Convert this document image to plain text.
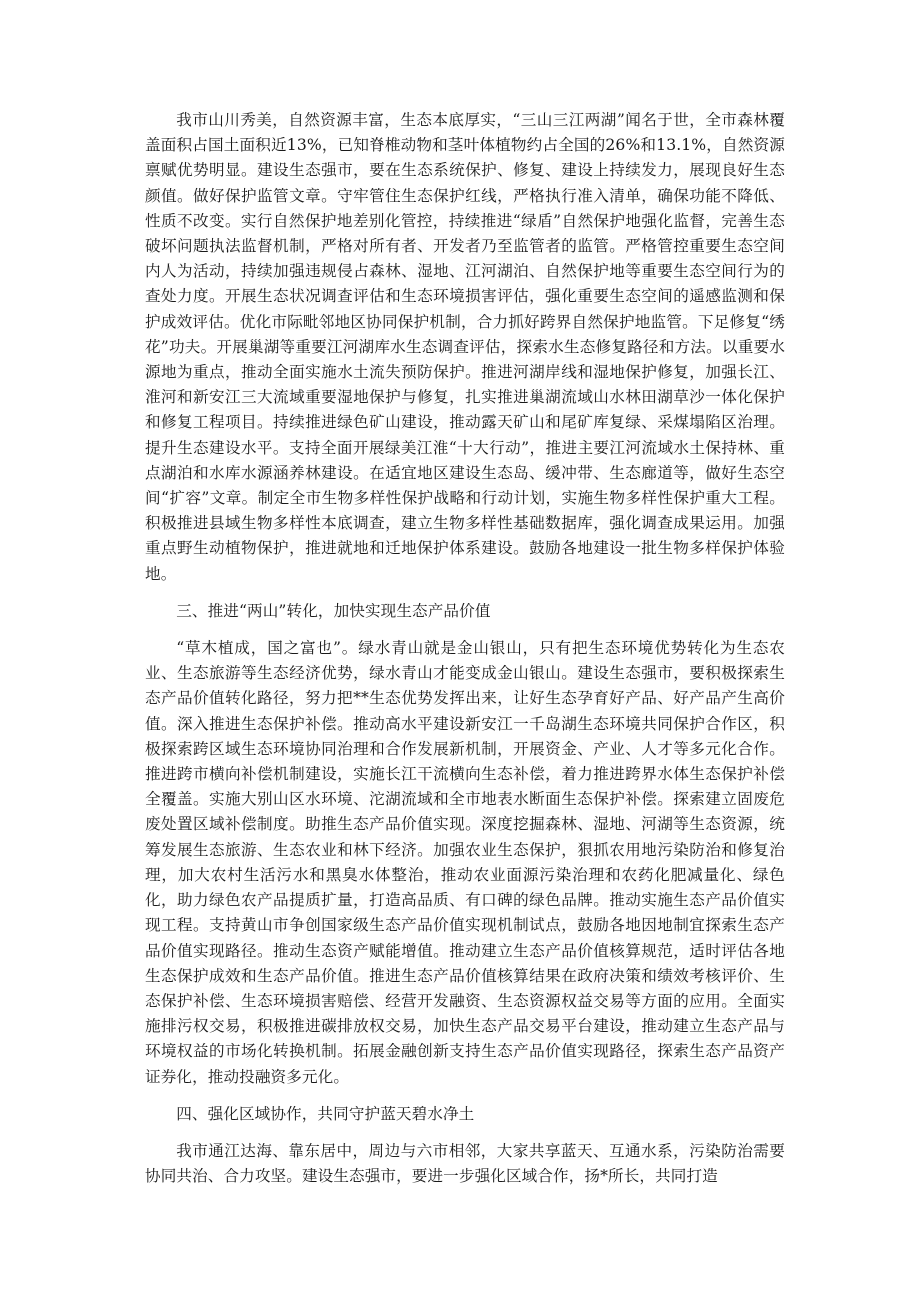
我市山川秀美，自然资源丰富，生态本底厚实，“三山三江两湖”闻名于世，全市森林覆盖面积占国土面积近13%，已知脊椎动物和茎叶体植物约占全国的26%和13.1%，自然资源禀赋优势明显。建设生态强市，要在生态系统保护、修复、建设上持续发力，展现良好生态颜值。做好保护监管文章。守牢管住生态保护红线，严格执行准入清单，确保功能不降低、性质不改变。实行自然保护地差别化管控，持续推进“绿盾”自然保护地强化监督，完善生态破坏问题执法监督机制，严格对所有者、开发者乃至监管者的监管。严格管控重要生态空间内人为活动，持续加强违规侵占森林、湿地、江河湖泊、自然保护地等重要生态空间行为的查处力度。开展生态状况调查评估和生态环境损害评估，强化重要生态空间的遥感监测和保护成效评估。优化市际毗邻地区协同保护机制，合力抓好跨界自然保护地监管。下足修复“绣花”功夫。开展巢湖等重要江河湖库水生态调查评估，探索水生态修复路径和方法。以重要水源地为重点，推动全面实施水土流失预防保护。推进河湖岸线和湿地保护修复，加强长江、淮河和新安江三大流域重要湿地保护与修复，扎实推进巢湖流域山水林田湖草沙一体化保护和修复工程项目。持续推进绿色矿山建设，推动露天矿山和尾矿库复绿、采煤塌陷区治理。提升生态建设水平。支持全面开展绿美江淮“十大行动”，推进主要江河流域水土保持林、重点湖泊和水库水源涵养林建设。在适宜地区建设生态岛、缓冲带、生态廊道等，做好生态空间“扩容”文章。制定全市生物多样性保护战略和行动计划，实施生物多样性保护重大工程。积极推进县域生物多样性本底调查，建立生物多样性基础数据库，强化调查成果运用。加强重点野生动植物保护，推进就地和迁地保护体系建设。鼓励各地建设一批生物多样保护体验地。

三、推进“两山”转化，加快实现生态产品价值

“草木植成，国之富也”。绿水青山就是金山银山，只有把生态环境优势转化为生态农业、生态旅游等生态经济优势，绿水青山才能变成金山银山。建设生态强市，要积极探索生态产品价值转化路径，努力把**生态优势发挥出来，让好生态孕育好产品、好产品产生高价值。深入推进生态保护补偿。推动高水平建设新安江一千岛湖生态环境共同保护合作区，积极探索跨区域生态环境协同治理和合作发展新机制，开展资金、产业、人才等多元化合作。推进跨市横向补偿机制建设，实施长江干流横向生态补偿，着力推进跨界水体生态保护补偿全覆盖。实施大别山区水环境、沱湖流域和全市地表水断面生态保护补偿。探索建立固废危废处置区域补偿制度。助推生态产品价值实现。深度挖掘森林、湿地、河湖等生态资源，统筹发展生态旅游、生态农业和林下经济。加强农业生态保护，狠抓农用地污染防治和修复治理，加大农村生活污水和黑臭水体整治，推动农业面源污染治理和农药化肥减量化、绿色化，助力绿色农产品提质扩量，打造高品质、有口碑的绿色品牌。推动实施生态产品价值实现工程。支持黄山市争创国家级生态产品价值实现机制试点，鼓励各地因地制宜探索生态产品价值实现路径。推动生态资产赋能增值。推动建立生态产品价值核算规范，适时评估各地生态保护成效和生态产品价值。推进生态产品价值核算结果在政府决策和绩效考核评价、生态保护补偿、生态环境损害赔偿、经营开发融资、生态资源权益交易等方面的应用。全面实施排污权交易，积极推进碳排放权交易，加快生态产品交易平台建设，推动建立生态产品与环境权益的市场化转换机制。拓展金融创新支持生态产品价值实现路径，探索生态产品资产证券化，推动投融资多元化。

四、强化区域协作，共同守护蓝天碧水净土

我市通江达海、靠东居中，周边与六市相邻，大家共享蓝天、互通水系，污染防治需要协同共治、合力攻坚。建设生态强市，要进一步强化区域合作，扬*所长，共同打造
